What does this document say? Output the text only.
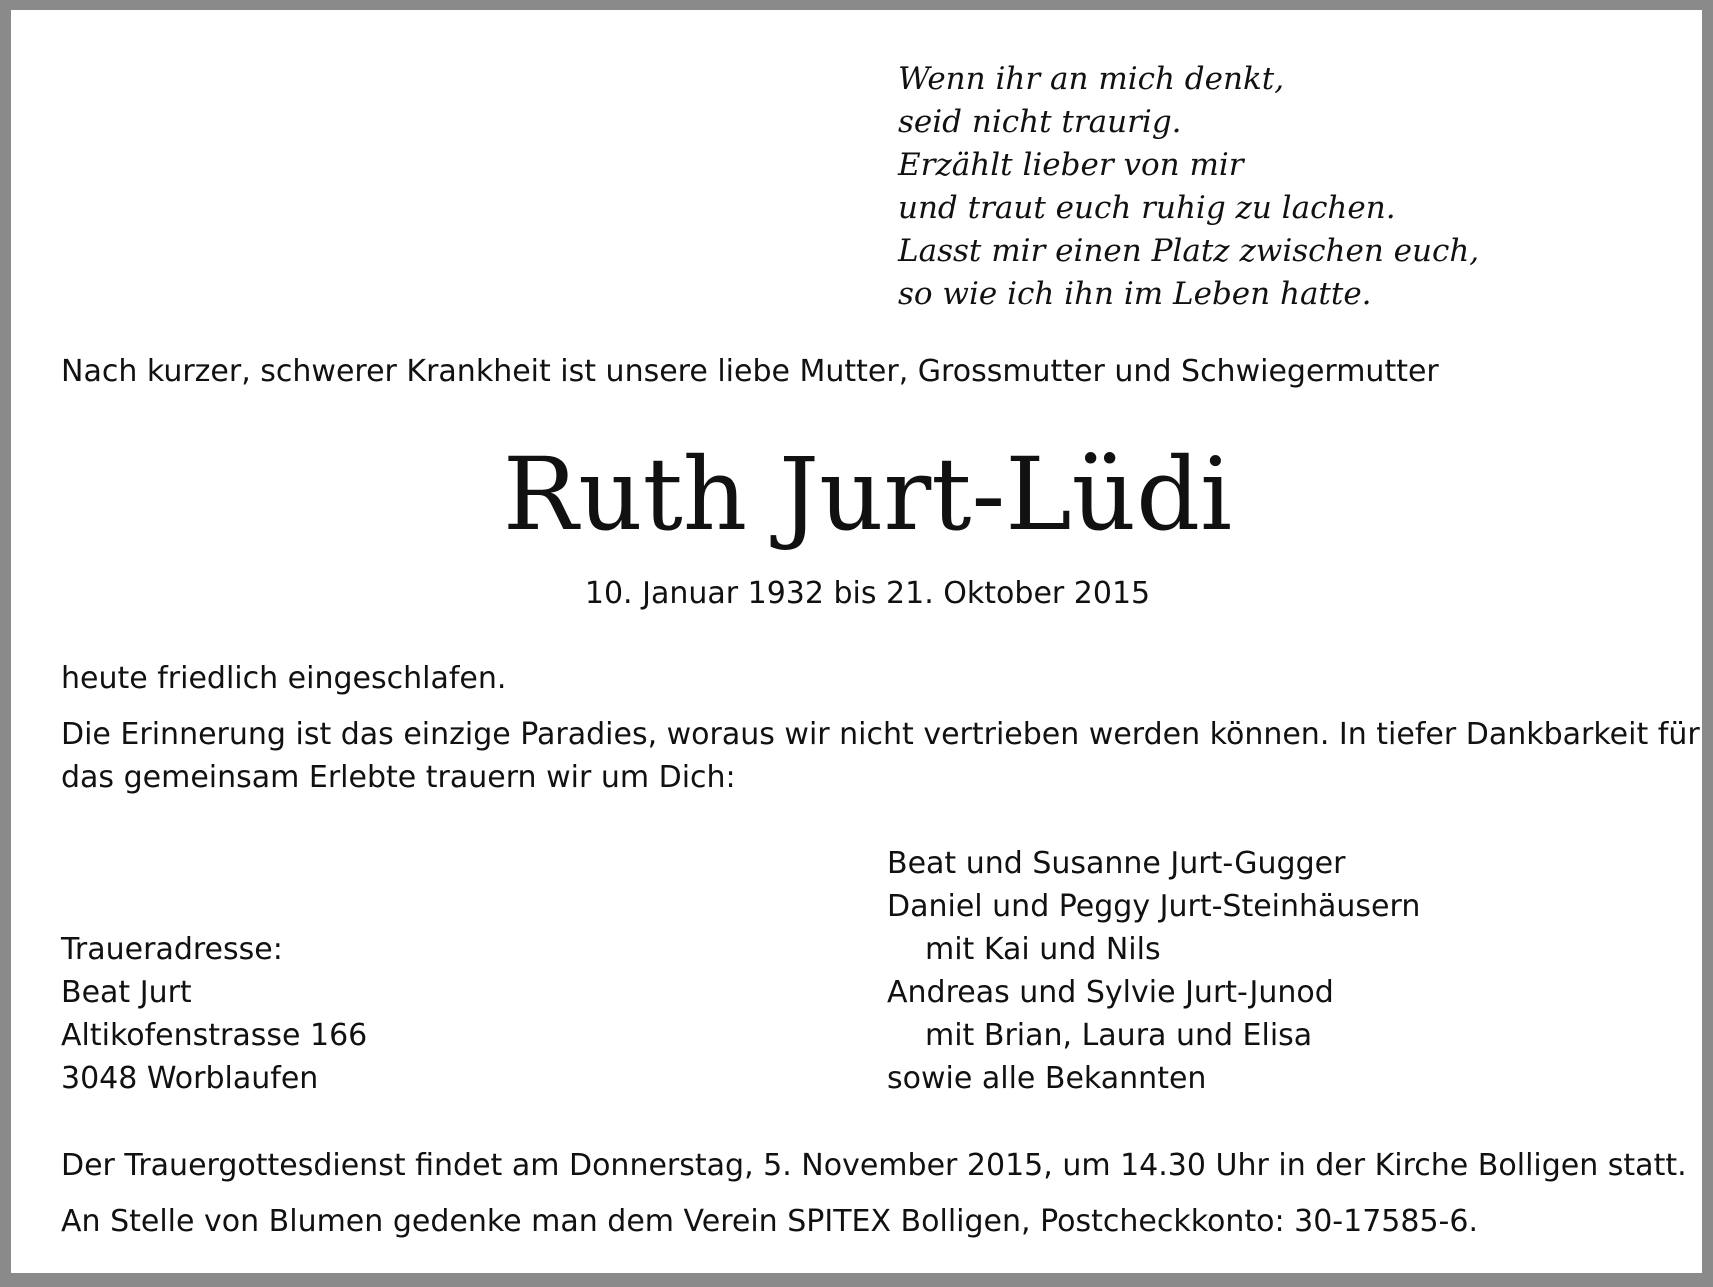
Wenn ihr an mich denkt,
seid nicht traurig.
Erzählt lieber von mir
und traut euch ruhig zu lachen.
Lasst mir einen Platz zwischen euch,
so wie ich ihn im Leben hatte.

Nach kurzer, schwerer Krankheit ist unsere liebe Mutter, Grossmutter und Schwiegermutter

Ruth Jurt-Lüdi

10. Januar 1932 bis 21. Oktober 2015

heute friedlich eingeschlafen.

Die Erinnerung ist das einzige Paradies, woraus wir nicht vertrieben werden können. In tiefer Dankbarkeit für

das gemeinsam Erlebte trauern wir um Dich:

Beat und Susanne Jurt-Gugger
Daniel und Peggy Jurt-Steinhäusern
mit Kai und Nils
Andreas und Sylvie Jurt-Junod
mit Brian, Laura und Elisa
sowie alle Bekannten
Traueradresse:
Beat Jurt
Altikofenstrasse 166
3048 Worblaufen

Der Trauergottesdienst findet am Donnerstag, 5. November 2015, um 14.30 Uhr in der Kirche Bolligen statt.

An Stelle von Blumen gedenke man dem Verein SPITEX Bolligen, Postcheckkonto: 30-17585-6.
